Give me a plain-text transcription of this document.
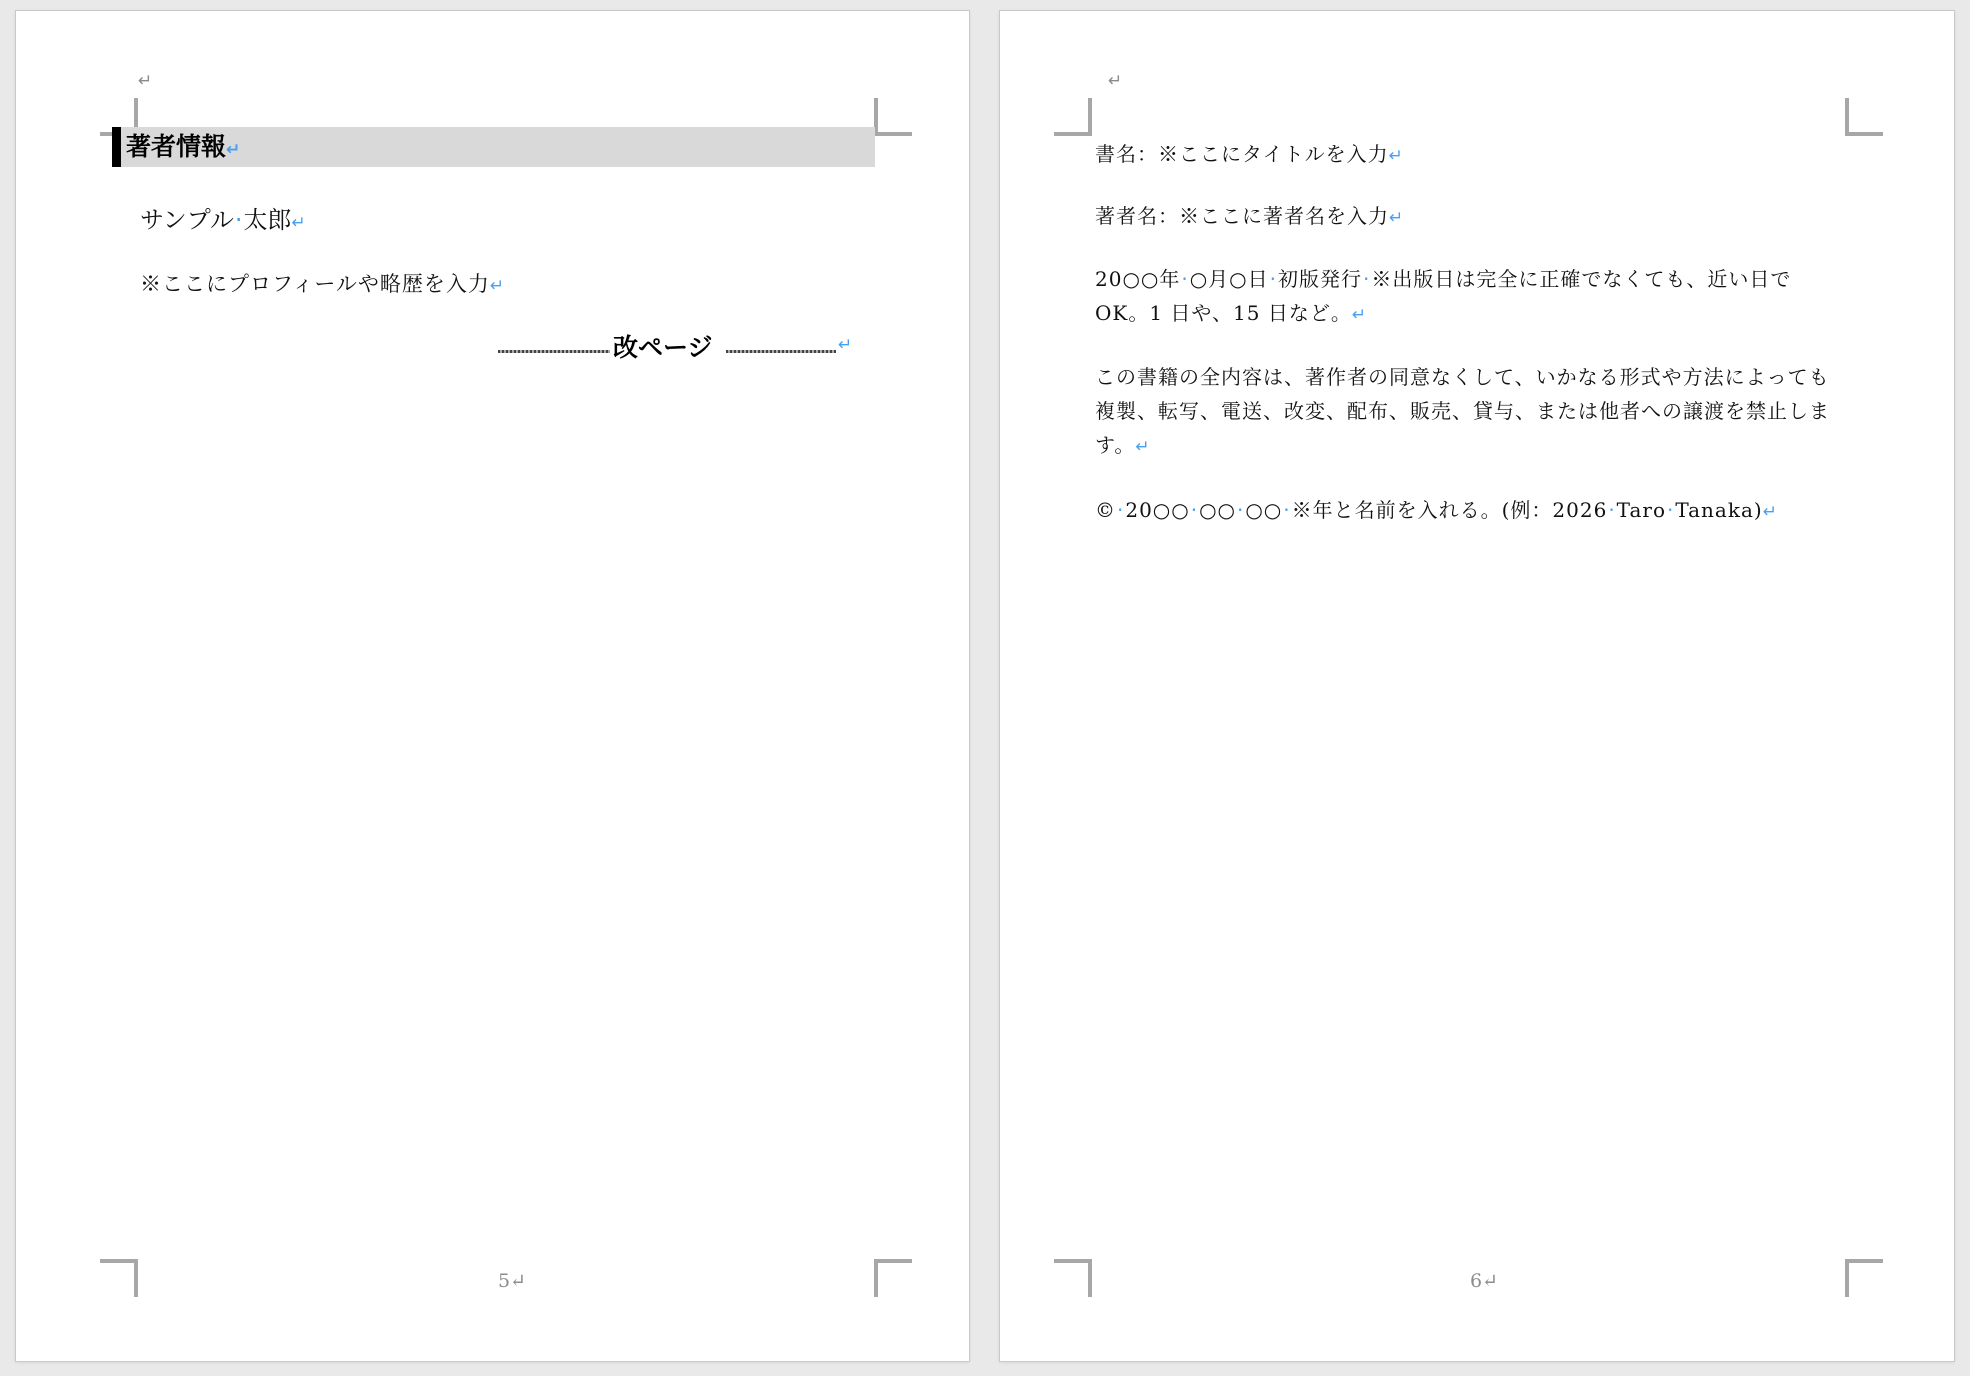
↵
著者情報↵
サンプル·太郎↵
※ここにプロフィールや略歴を入力↵
改ページ	↵
5↵
↵
書名：※ここにタイトルを入力↵
著者名：※ここに著者名を入力↵
20○○年·○月○日·初版発行·※出版日は完全に正確でなくても、近い日で OK。1 日や、15 日など。↵
この書籍の全内容は、著作者の同意なくして、いかなる形式や方法によっても複製、転写、電送、改変、配布、販売、貸与、または他者への譲渡を禁止します。↵
©·20○○·○○·○○·※年と名前を入れる。(例：2026·Taro·Tanaka)↵
6↵
